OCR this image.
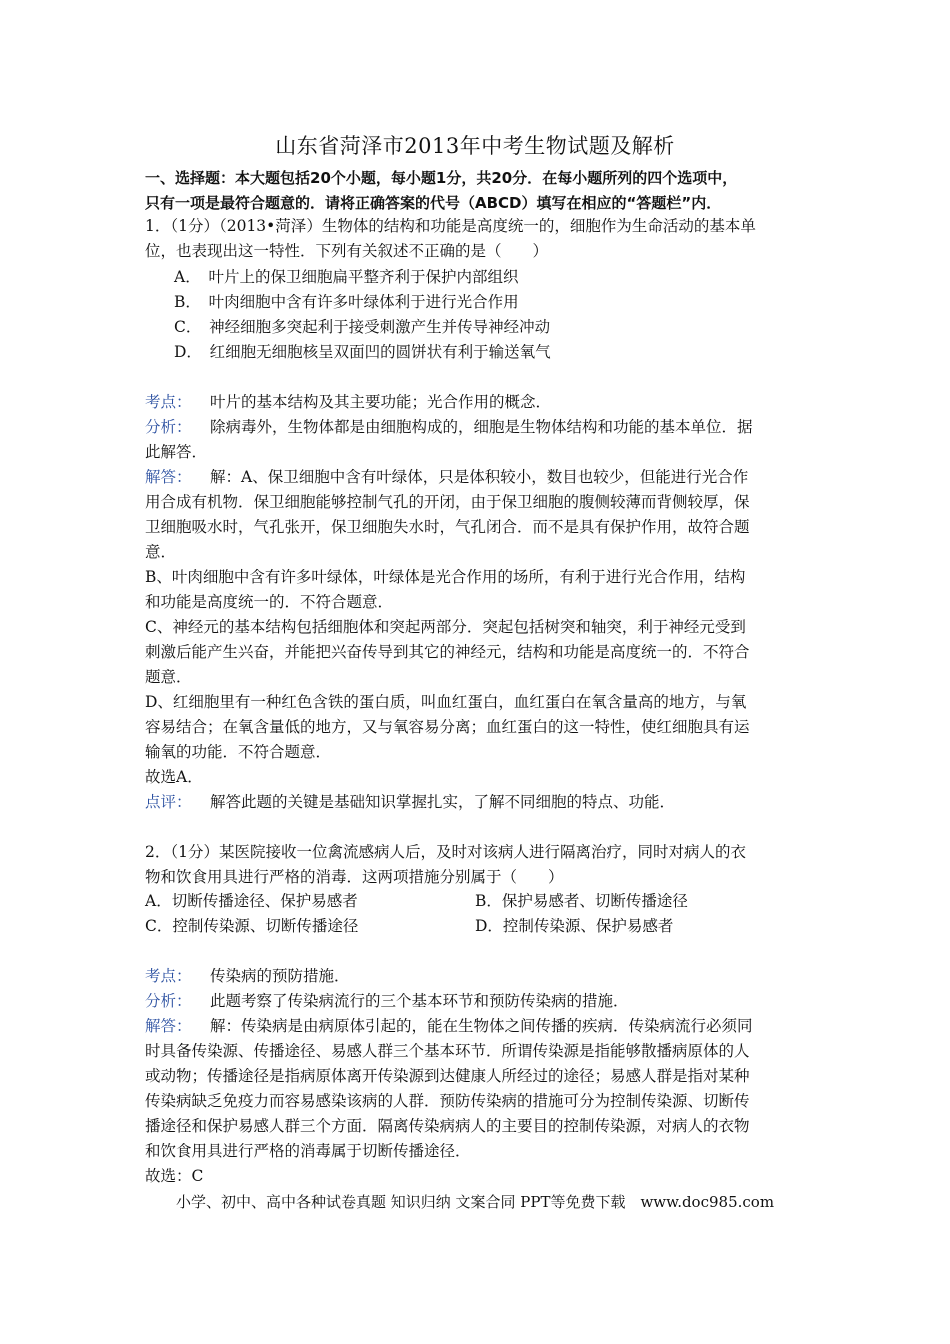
山东省菏泽市2013年中考生物试题及解析
一、选择题：本大题包括20个小题，每小题1分，共20分．在每小题所列的四个选项中，
只有一项是最符合题意的．请将正确答案的代号（ABCD）填写在相应的“答题栏”内．
1．（1分）（2013•菏泽）生物体的结构和功能是高度统一的，细胞作为生命活动的基本单
位，也表现出这一特性．下列有关叙述不正确的是（　　）
A．　叶片上的保卫细胞扁平整齐利于保护内部组织
B．　叶肉细胞中含有许多叶绿体利于进行光合作用
C．　神经细胞多突起利于接受刺激产生并传导神经冲动
D．　红细胞无细胞核呈双面凹的圆饼状有利于输送氧气
考点： 叶片的基本结构及其主要功能；光合作用的概念．
分析： 除病毒外，生物体都是由细胞构成的，细胞是生物体结构和功能的基本单位．据
此解答．
解答： 解：A、保卫细胞中含有叶绿体，只是体积较小，数目也较少，但能进行光合作
用合成有机物．保卫细胞能够控制气孔的开闭，由于保卫细胞的腹侧较薄而背侧较厚，保
卫细胞吸水时，气孔张开，保卫细胞失水时，气孔闭合．而不是具有保护作用，故符合题
意．
B、叶肉细胞中含有许多叶绿体，叶绿体是光合作用的场所，有利于进行光合作用，结构
和功能是高度统一的．不符合题意．
C、神经元的基本结构包括细胞体和突起两部分．突起包括树突和轴突，利于神经元受到
刺激后能产生兴奋，并能把兴奋传导到其它的神经元，结构和功能是高度统一的．不符合
题意．
D、红细胞里有一种红色含铁的蛋白质，叫血红蛋白，血红蛋白在氧含量高的地方，与氧
容易结合；在氧含量低的地方，又与氧容易分离；血红蛋白的这一特性，使红细胞具有运
输氧的功能．不符合题意．
故选A．
点评： 解答此题的关键是基础知识掌握扎实，了解不同细胞的特点、功能．
2．（1分）某医院接收一位禽流感病人后，及时对该病人进行隔离治疗，同时对病人的衣
物和饮食用具进行严格的消毒．这两项措施分别属于（　　）
A．切断传播途径、保护易感者	B．保护易感者、切断传播途径
C．控制传染源、切断传播途径	D．控制传染源、保护易感者
考点： 传染病的预防措施．
分析： 此题考察了传染病流行的三个基本环节和预防传染病的措施．
解答： 解：传染病是由病原体引起的，能在生物体之间传播的疾病．传染病流行必须同
时具备传染源、传播途径、易感人群三个基本环节．所谓传染源是指能够散播病原体的人
或动物；传播途径是指病原体离开传染源到达健康人所经过的途径；易感人群是指对某种
传染病缺乏免疫力而容易感染该病的人群．预防传染病的措施可分为控制传染源、切断传
播途径和保护易感人群三个方面．隔离传染病病人的主要目的控制传染源，对病人的衣物
和饮食用具进行严格的消毒属于切断传播途径．
故选：C
小学、初中、高中各种试卷真题 知识归纳 文案合同 PPT等免费下载　www.doc985.com
